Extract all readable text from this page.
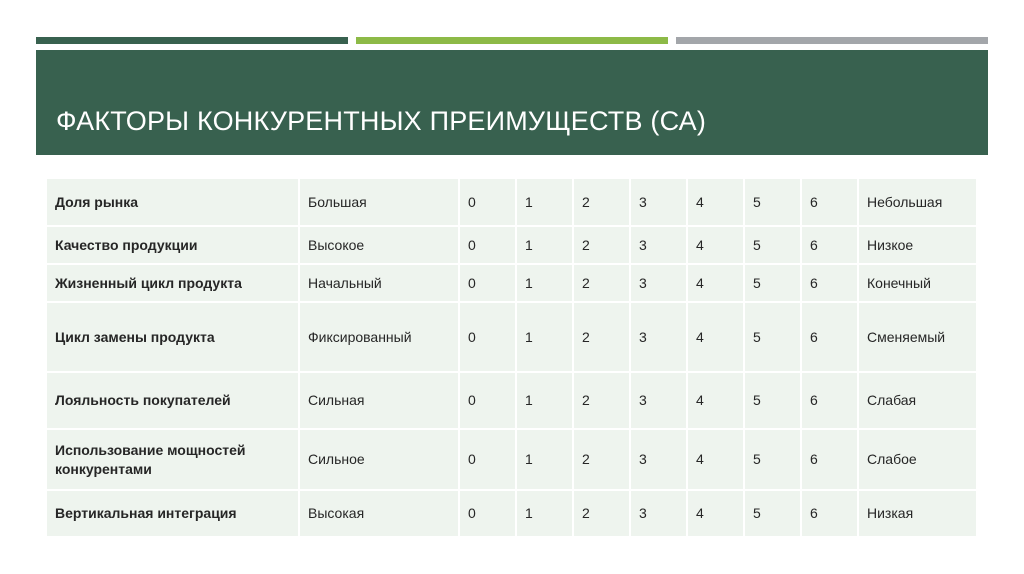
ФАКТОРЫ КОНКУРЕНТНЫХ ПРЕИМУЩЕСТВ (СА)
Доля рынка	Большая	0	1	2	3	4	5	6	Небольшая
Качество продукции	Высокое	0	1	2	3	4	5	6	Низкое
Жизненный цикл продукта	Начальный	0	1	2	3	4	5	6	Конечный
Цикл замены продукта	Фиксированный	0	1	2	3	4	5	6	Сменяемый
Лояльность покупателей	Сильная	0	1	2	3	4	5	6	Слабая
Использование мощностей конкурентами	Сильное	0	1	2	3	4	5	6	Слабое
Вертикальная интеграция	Высокая	0	1	2	3	4	5	6	Низкая
